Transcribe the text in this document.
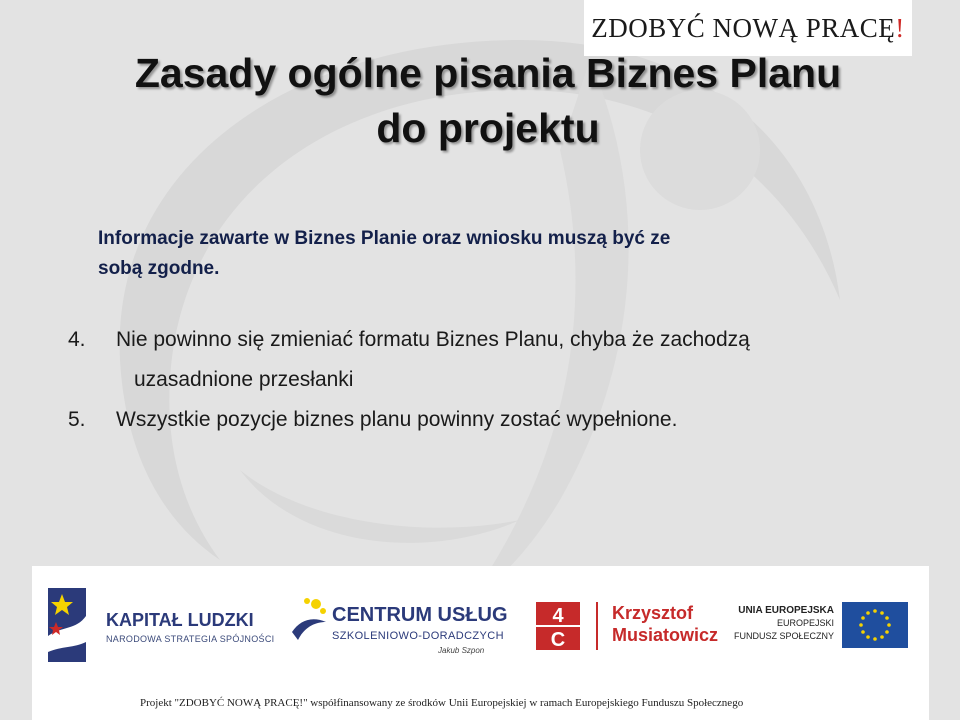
ZDOBYĆ NOWĄ PRACĘ!
Zasady ogólne pisania Biznes Planu
do projektu

Informacje zawarte w Biznes Planie oraz wniosku muszą być ze
sobą zgodne.

4.	Nie powinno się zmieniać formatu Biznes Planu, chyba że zachodzą
uzasadnione przesłanki
5.	Wszystkie pozycje biznes planu powinny zostać wypełnione.
KAPITAŁ LUDZKI
NARODOWA STRATEGIA SPÓJNOŚCI
CENTRUM USŁUG
SZKOLENIOWO-DORADCZYCH
Jakub Szpon
4
C
Krzysztof
Musiatowicz
UNIA EUROPEJSKA
EUROPEJSKI
FUNDUSZ SPOŁECZNY
Projekt "ZDOBYĆ NOWĄ PRACĘ!" współfinansowany ze środków Unii Europejskiej w ramach Europejskiego Funduszu Społecznego
